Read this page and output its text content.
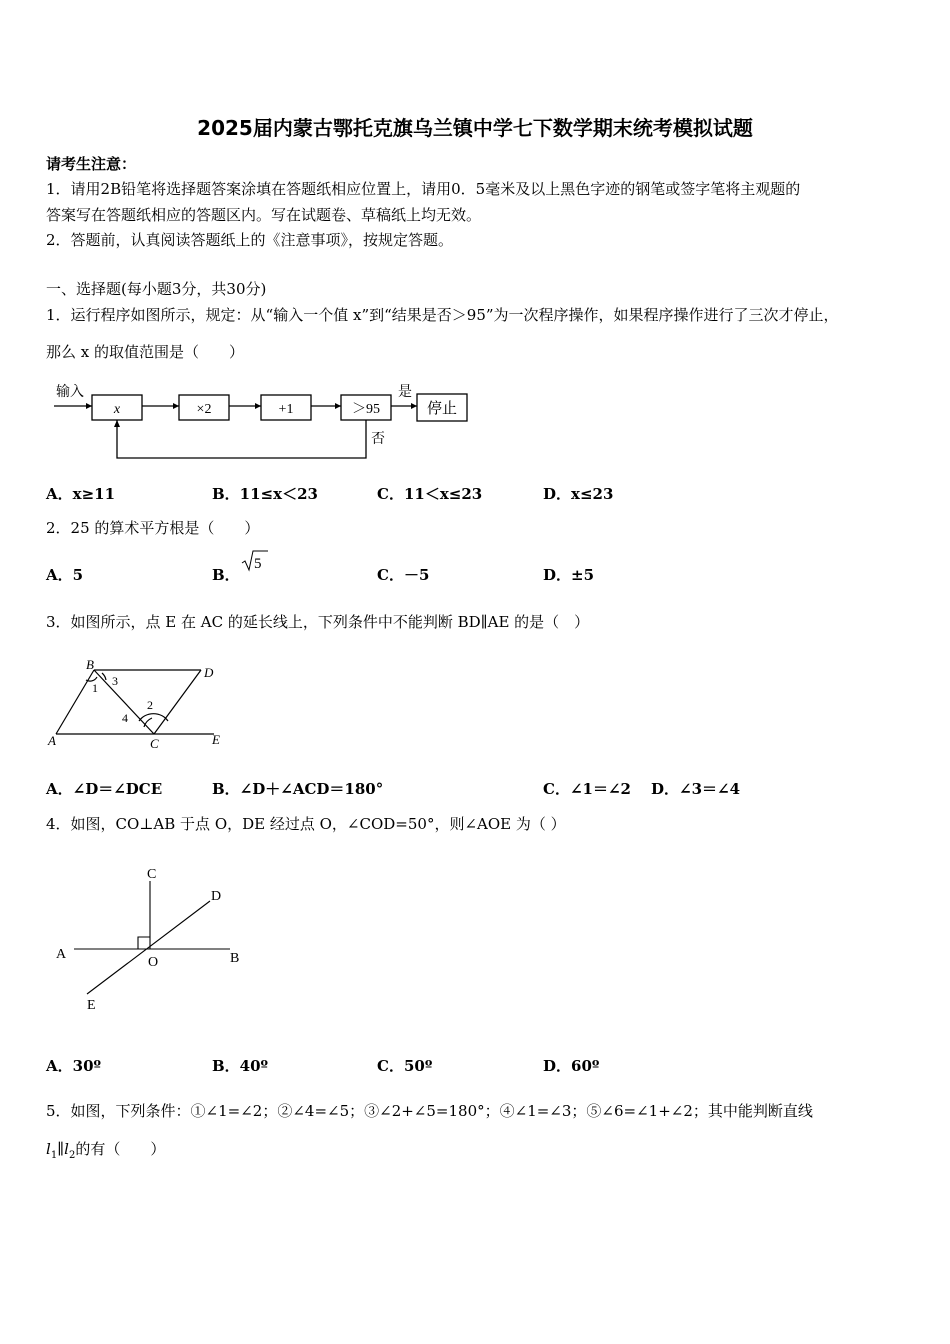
2025届内蒙古鄂托克旗乌兰镇中学七下数学期末统考模拟试题
请考生注意：
1．请用2B铅笔将选择题答案涂填在答题纸相应位置上，请用0．5毫米及以上黑色字迹的钢笔或签字笔将主观题的
答案写在答题纸相应的答题区内。写在试题卷、草稿纸上均无效。
2．答题前，认真阅读答题纸上的《注意事项》，按规定答题。
一、选择题(每小题3分，共30分)
1．运行程序如图所示，规定：从“输入一个值 x”到“结果是否＞95”为一次程序操作，如果程序操作进行了三次才停止，
那么 x 的取值范围是（　　）
输入
x	×2	+1	＞95
是
停止
否
A．x≥11	B．11≤x＜23	C．11＜x≤23	D．x≤23
2．25 的算术平方根是（　　）
A．5	B．
5
C．－5	D．±5
3．如图所示，点 E 在 AC 的延长线上，下列条件中不能判断 BD∥AE 的是（　）
B
D
A	C	E
1
2
3
4
A．∠D＝∠DCE	B．∠D＋∠ACD＝180°	C．∠1＝∠2 D．∠3＝∠4
4．如图，CO⊥AB 于点 O，DE 经过点 O，∠COD=50°，则∠AOE 为（ ）
C
D
A
O	B
E
A．30º	B．40º	C．50º	D．60º
5．如图，下列条件：①∠1=∠2；②∠4=∠5；③∠2+∠5=180°；④∠1=∠3；⑤∠6=∠1+∠2；其中能判断直线
$l_1\parallel l_2$的有（　　）
